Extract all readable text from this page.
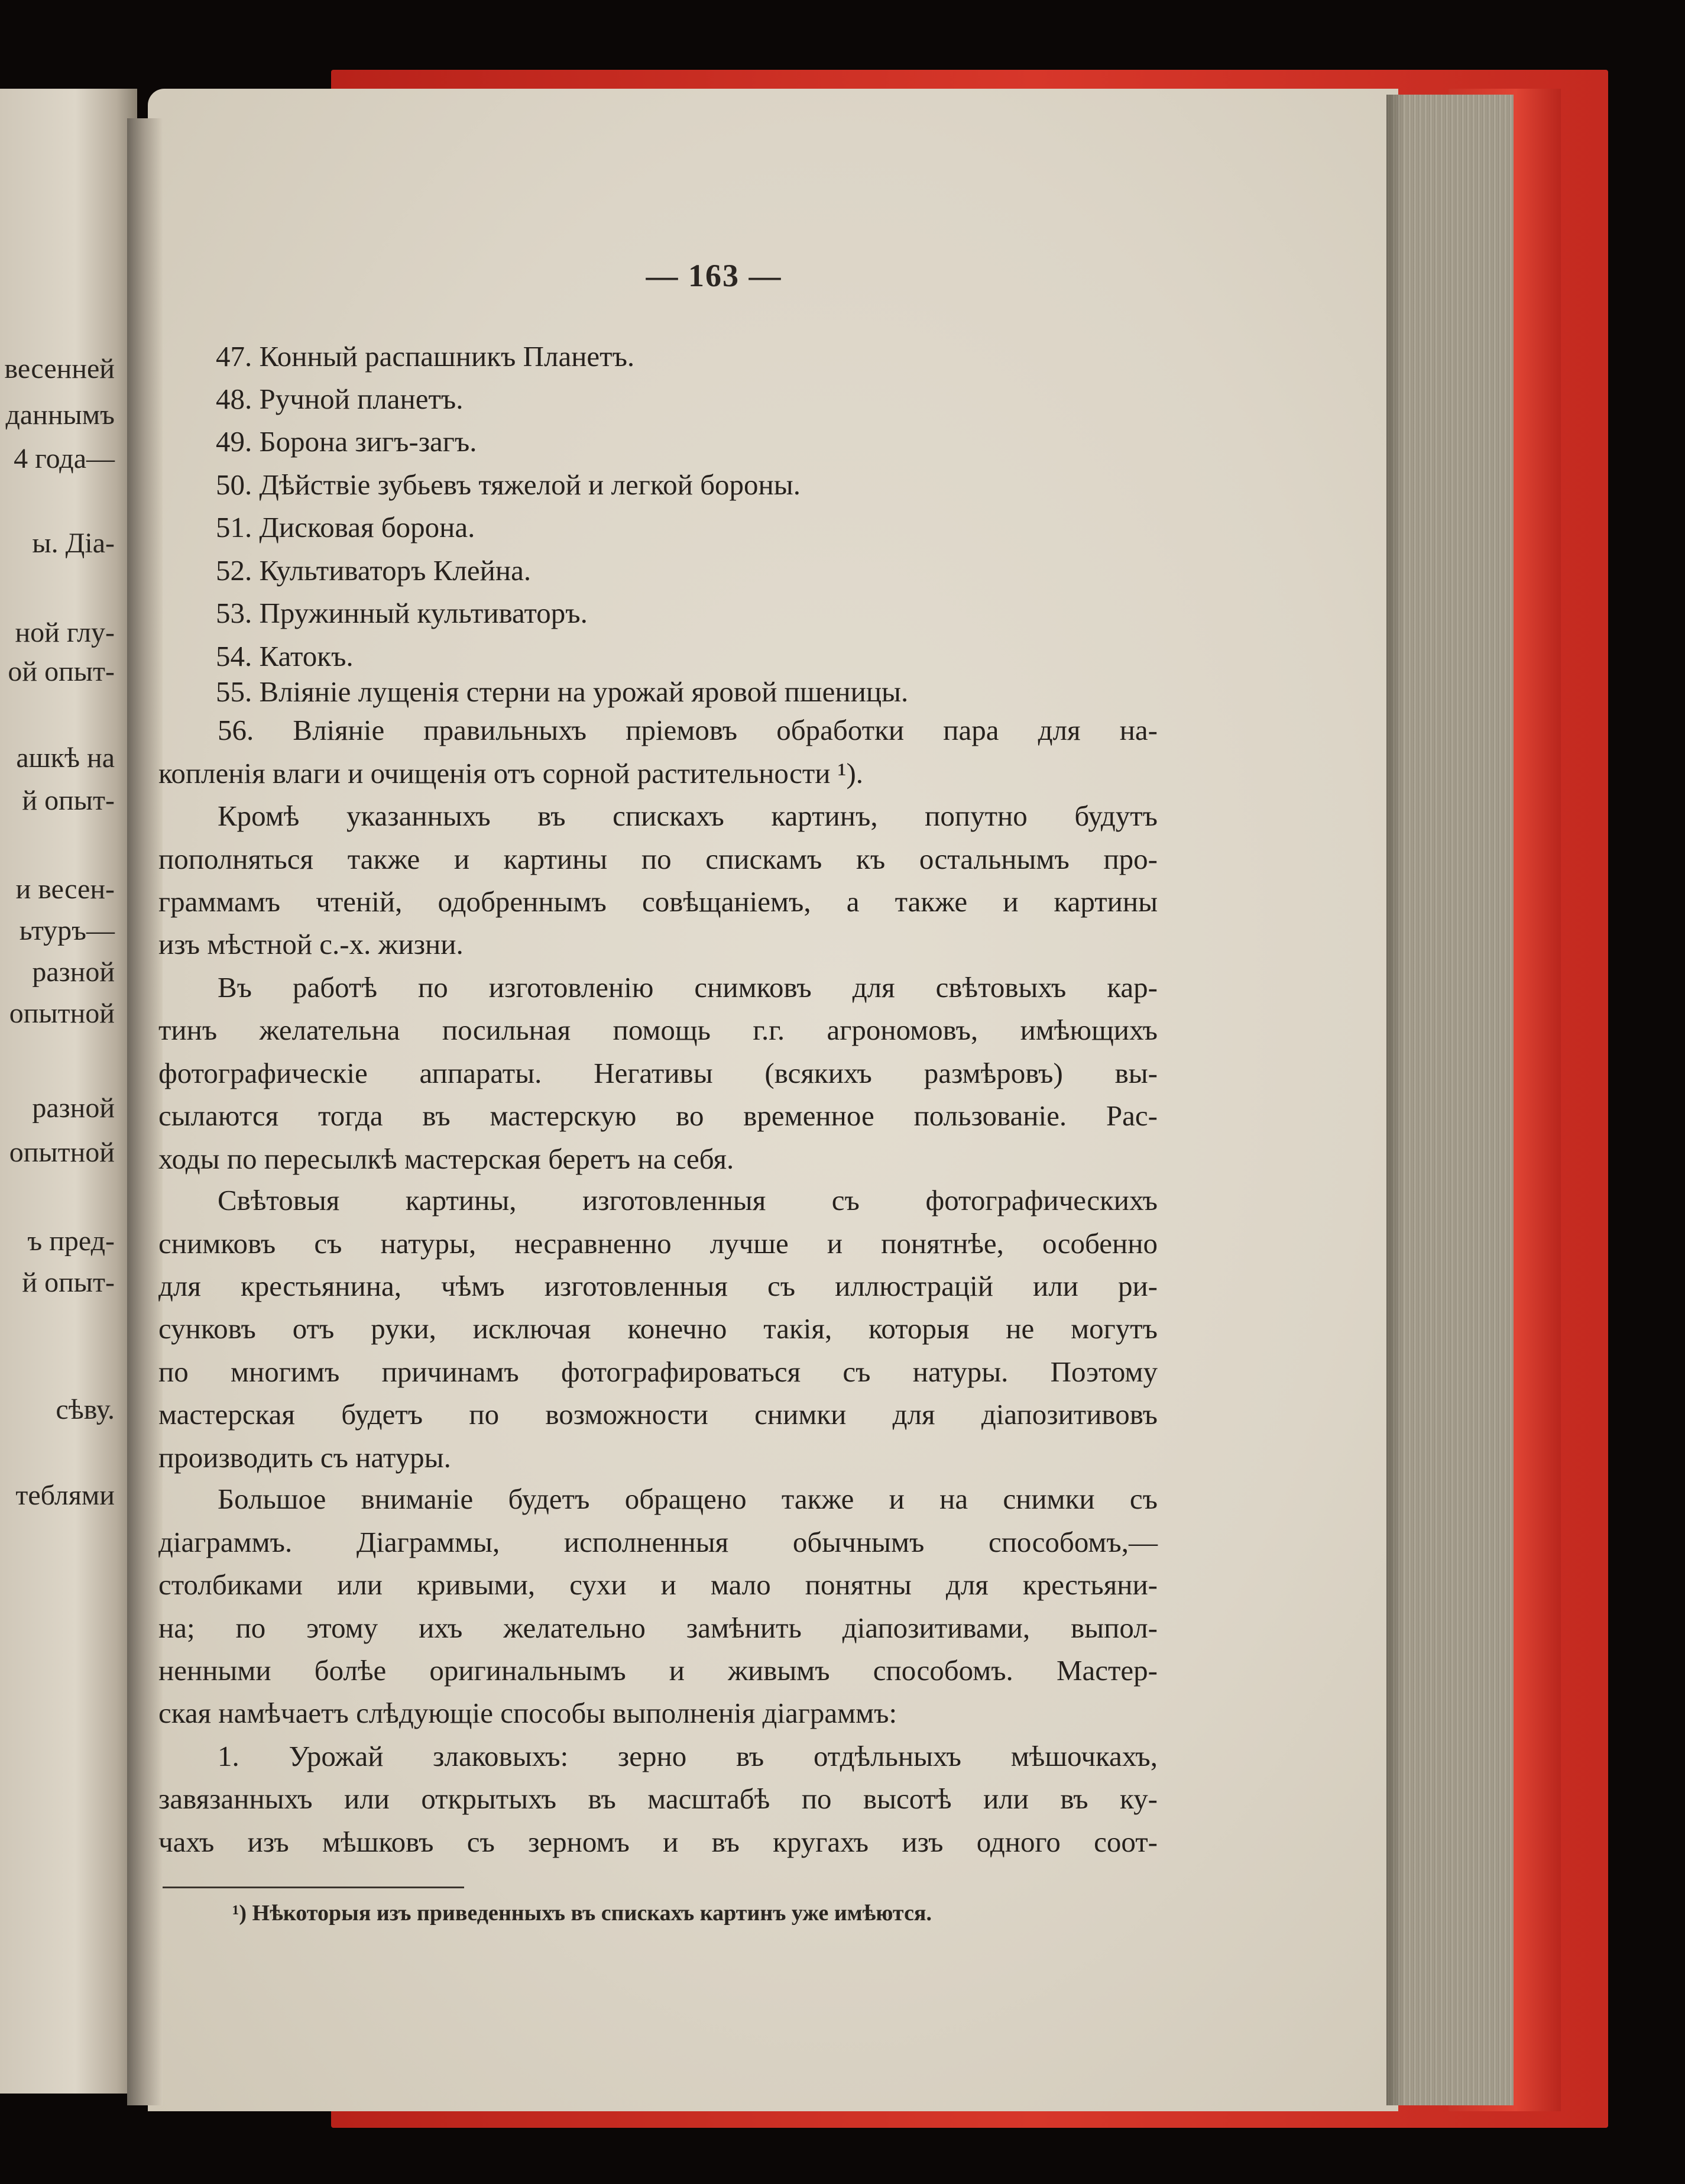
весенней
даннымъ
4 года—
ы. Діа-
ной глу-
ой опыт-
ашкѣ на
й опыт-
и весен-
ьтуръ—
разной
опытной
разной
опытной
ъ пред-
й опыт-
сѣву.
теблями
— 163 —
47. Конный распашникъ Планетъ.
48. Ручной планетъ.
49. Борона зигъ-загъ.
50. Дѣйствіе зубьевъ тяжелой и легкой бороны.
51. Дисковая борона.
52. Культиваторъ Клейна.
53. Пружинный культиваторъ.
54. Катокъ.
55. Вліяніе лущенія стерни на урожай яровой пшеницы.
56. Вліяніе правильныхъ пріемовъ обработки пара для на-
копленія влаги и очищенія отъ сорной растительности ¹).
Кромѣ указанныхъ въ спискахъ картинъ, попутно будутъ
пополняться также и картины по спискамъ къ остальнымъ про-
граммамъ чтеній, одобреннымъ совѣщаніемъ, а также и картины
изъ мѣстной с.-х. жизни.
Въ работѣ по изготовленію снимковъ для свѣтовыхъ кар-
тинъ желательна посильная помощь г.г. агрономовъ, имѣющихъ
фотографическіе аппараты. Негативы (всякихъ размѣровъ) вы-
сылаются тогда въ мастерскую во временное пользованіе. Рас-
ходы по пересылкѣ мастерская беретъ на себя.
Свѣтовыя картины, изготовленныя съ фотографическихъ
снимковъ съ натуры, несравненно лучше и понятнѣе, особенно
для крестьянина, чѣмъ изготовленныя съ иллюстрацій или ри-
сунковъ отъ руки, исключая конечно такія, которыя не могутъ
по многимъ причинамъ фотографироваться съ натуры. Поэтому
мастерская будетъ по возможности снимки для діапозитивовъ
производить съ натуры.
Большое вниманіе будетъ обращено также и на снимки съ
діаграммъ. Діаграммы, исполненныя обычнымъ способомъ,—
столбиками или кривыми, сухи и мало понятны для крестьяни-
на; по этому ихъ желательно замѣнить діапозитивами, выпол-
ненными болѣе оригинальнымъ и живымъ способомъ. Мастер-
ская намѣчаетъ слѣдующіе способы выполненія діаграммъ:
1. Урожай злаковыхъ: зерно въ отдѣльныхъ мѣшочкахъ,
завязанныхъ или открытыхъ въ масштабѣ по высотѣ или въ ку-
чахъ изъ мѣшковъ съ зерномъ и въ кругахъ изъ одного соот-
¹) Нѣкоторыя изъ приведенныхъ въ спискахъ картинъ уже имѣются.
